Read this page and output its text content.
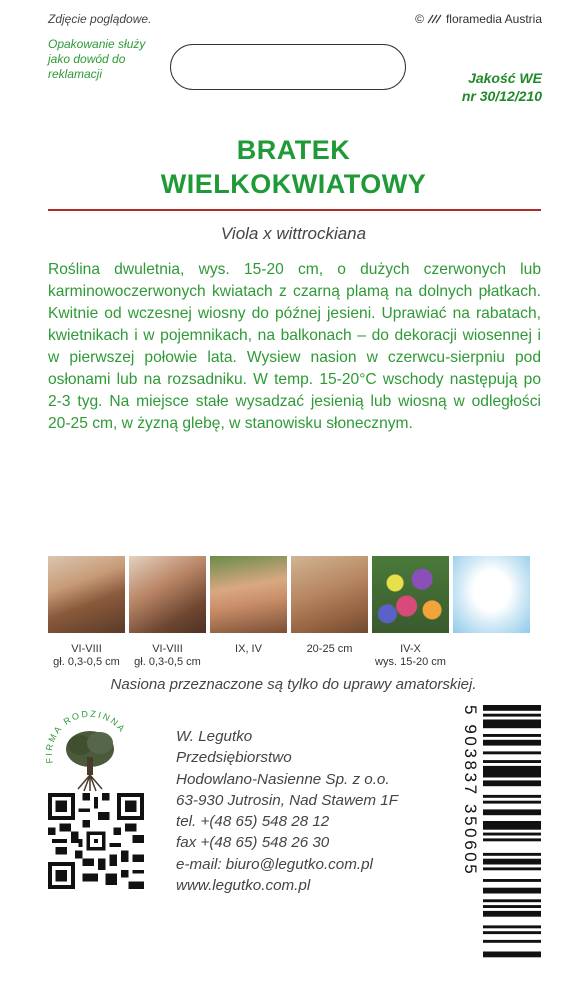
Zdjęcie poglądowe.	© floramedia Austria
Opakowanie służy jako dowód do reklamacji	Jakość WE
nr 30/12/210
BRATEK
WIELKOKWIATOWY
Viola x wittrockiana
Roślina dwuletnia, wys. 15-20 cm, o dużych czerwonych lub karminowoczerwonych kwiatach z czarną plamą na dolnych płatkach. Kwitnie od wczesnej wiosny do późnej jesieni. Uprawiać na rabatach, kwietnikach i w pojemnikach, na balkonach – do dekoracji wiosennej i w pierwszej połowie lata. Wysiew nasion w czerwcu-sierpniu pod osłonami lub na rozsadniku. W temp. 15-20°C wschody następują po 2-3 tyg. Na miejsce stałe wysadzać jesienią lub wiosną w odległości 20-25 cm, w żyzną glebę, w stanowisku słonecznym.
VI-VIII
gł. 0,3-0,5 cm
VI-VIII
gł. 0,3-0,5 cm
IX, IV	20-25 cm	IV-X
wys. 15-20 cm
Nasiona przeznaczone są tylko do uprawy amatorskiej.
FIRMA RODZINNA	W. Legutko
Przedsiębiorstwo
Hodowlano-Nasienne Sp. z o.o.
63-930 Jutrosin, Nad Stawem 1F
tel. +(48 65) 548 28 12
fax +(48 65) 548 26 30
e-mail: biuro@legutko.com.pl
www.legutko.com.pl
5 903837 350605
